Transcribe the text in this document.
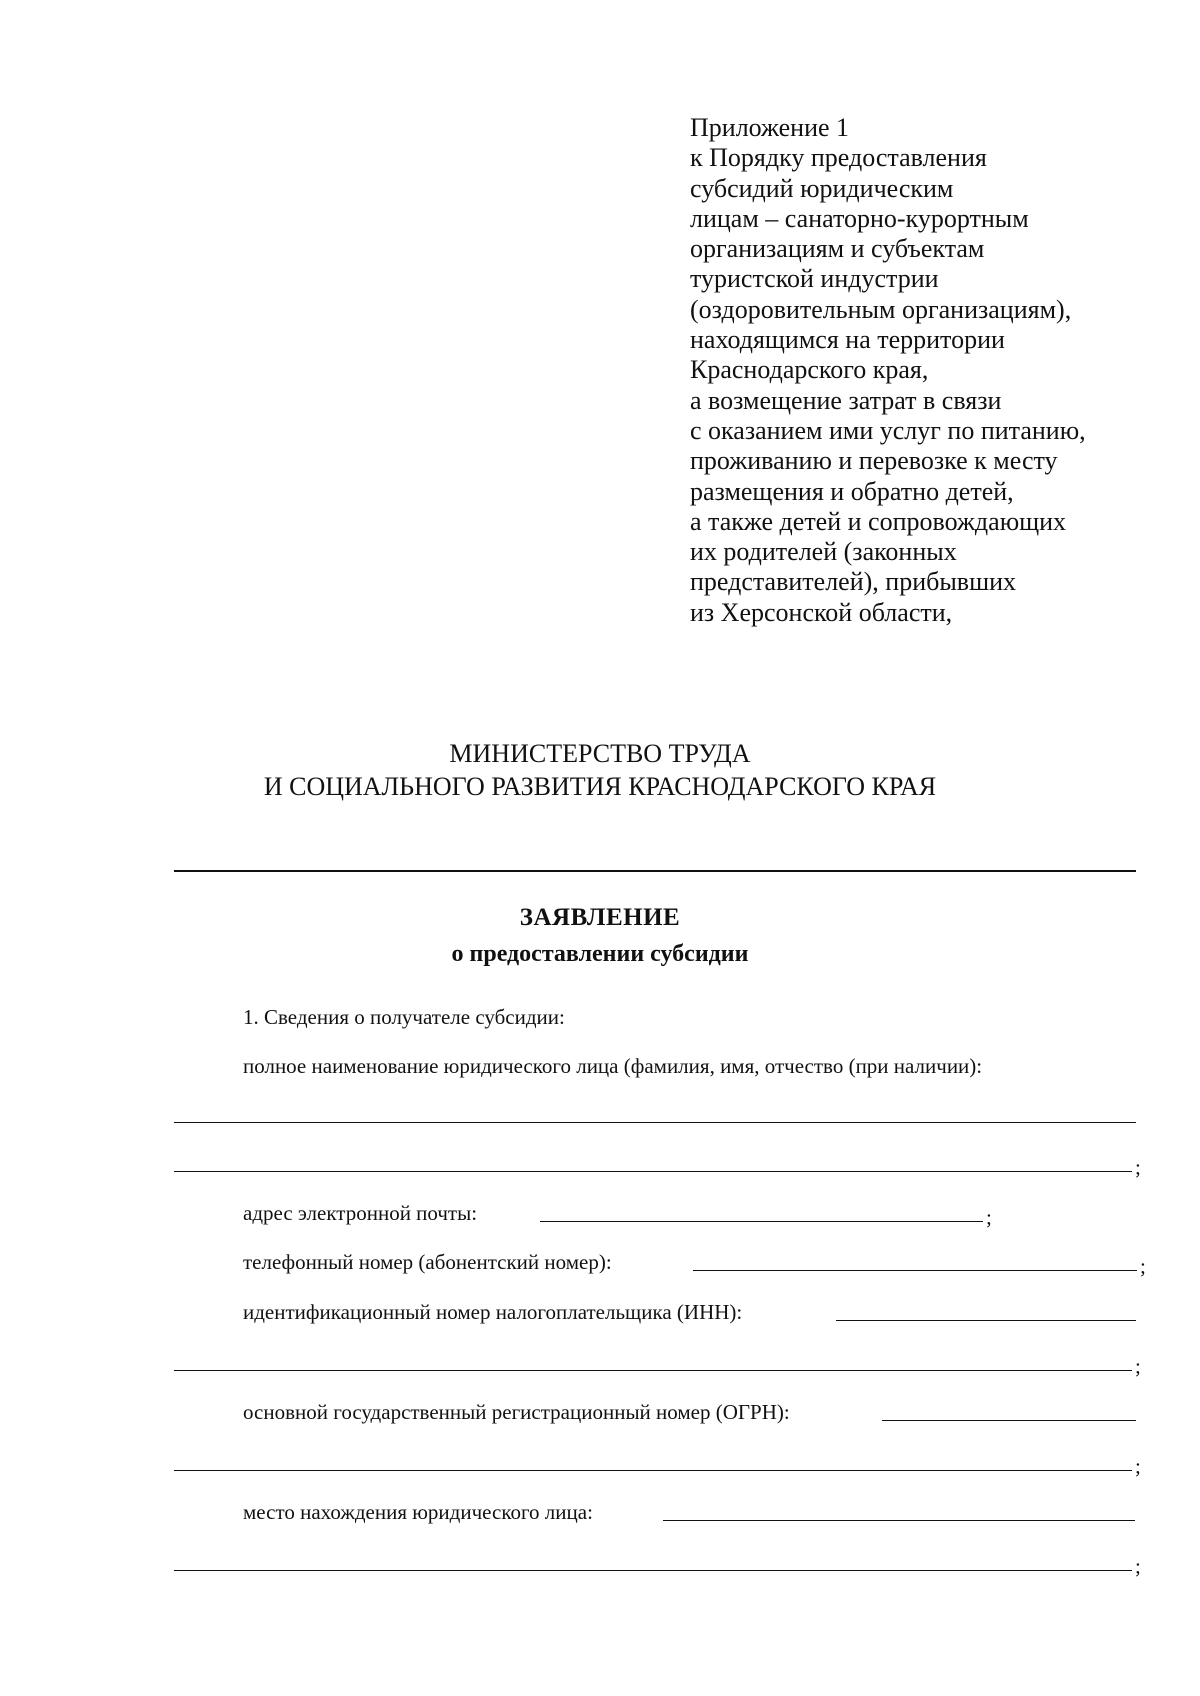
Приложение 1
к Порядку предоставления
субсидий юридическим
лицам – санаторно-курортным
организациям и субъектам
туристской индустрии
(оздоровительным организациям),
находящимся на территории
Краснодарского края,
а возмещение затрат в связи
с оказанием ими услуг по питанию,
проживанию и перевозке к месту
размещения и обратно детей,
а также детей и сопровождающих
их родителей (законных
представителей), прибывших
из Херсонской области,
МИНИСТЕРСТВО ТРУДА
И СОЦИАЛЬНОГО РАЗВИТИЯ КРАСНОДАРСКОГО КРАЯ
ЗАЯВЛЕНИЕ
о предоставлении субсидии
1. Сведения о получателе субсидии:
полное наименование юридического лица (фамилия, имя, отчество (при наличии):
;
адрес электронной почты:	;
телефонный номер (абонентский номер):	;
идентификационный номер налогоплательщика (ИНН):
;
основной государственный регистрационный номер (ОГРН):
;
место нахождения юридического лица:
;
